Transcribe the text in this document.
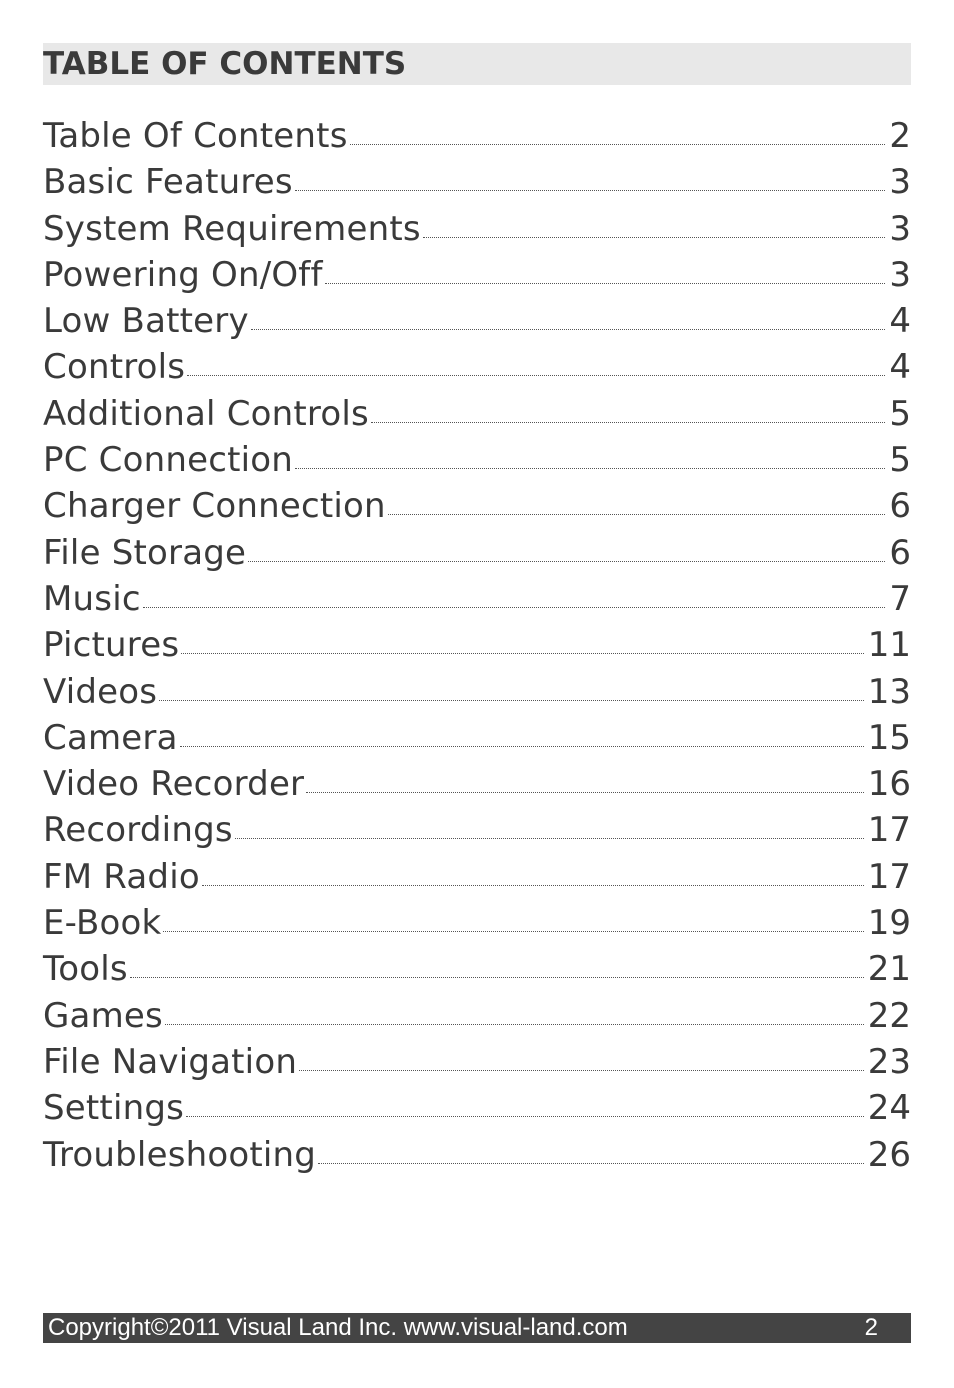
TABLE OF CONTENTS
Table Of Contents	2
Basic Features	3
System Requirements	3
Powering On/Off	3
Low Battery	4
Controls	4
Additional Controls	5
PC Connection	5
Charger Connection	6
File Storage	6
Music	7
Pictures	11
Videos	13
Camera	15
Video Recorder	16
Recordings	17
FM Radio	17
E-Book	19
Tools	21
Games	22
File Navigation	23
Settings	24
Troubleshooting	26
Copyright©2011 Visual Land Inc. www.visual-land.com	2
